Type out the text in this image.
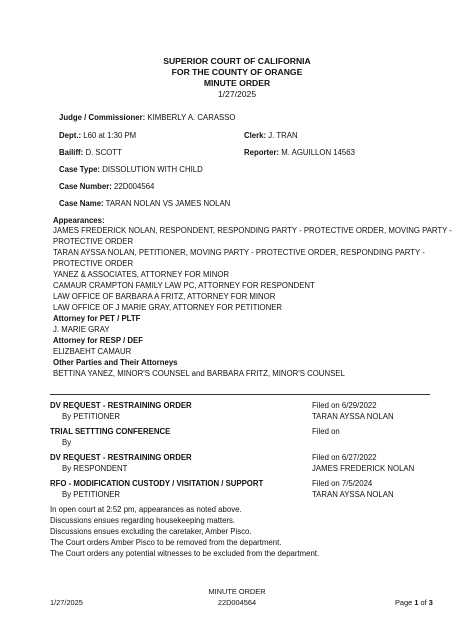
SUPERIOR COURT OF CALIFORNIA
FOR THE COUNTY OF ORANGE
MINUTE ORDER
1/27/2025
Judge / Commissioner: KIMBERLY A. CARASSO
Dept.: L60 at 1:30 PM	Clerk: J. TRAN
Bailiff: D. SCOTT	Reporter: M. AGUILLON 14563
Case Type: DISSOLUTION WITH CHILD
Case Number: 22D004564
Case Name: TARAN NOLAN VS JAMES NOLAN
Appearances:
JAMES FREDERICK NOLAN, RESPONDENT, RESPONDING PARTY - PROTECTIVE ORDER, MOVING PARTY -
PROTECTIVE ORDER
TARAN AYSSA NOLAN, PETITIONER, MOVING PARTY - PROTECTIVE ORDER, RESPONDING PARTY -
PROTECTIVE ORDER
YANEZ & ASSOCIATES, ATTORNEY FOR MINOR
CAMAUR CRAMPTON FAMILY LAW PC, ATTORNEY FOR RESPONDENT
LAW OFFICE OF BARBARA A FRITZ, ATTORNEY FOR MINOR
LAW OFFICE OF J MARIE GRAY, ATTORNEY FOR PETITIONER
Attorney for PET / PLTF
J. MARIE GRAY
Attorney for RESP / DEF
ELIZBAEHT CAMAUR
Other Parties and Their Attorneys
BETTINA YANEZ, MINOR'S COUNSEL and BARBARA FRITZ, MINOR'S COUNSEL
DV REQUEST - RESTRAINING ORDER	Filed on 6/29/2022
By PETITIONER	TARAN AYSSA NOLAN
TRIAL SETTTING CONFERENCE	Filed on
By
DV REQUEST - RESTRAINING ORDER	Filed on 6/27/2022
By RESPONDENT	JAMES FREDERICK NOLAN
RFO - MODIFICATION CUSTODY / VISITATION / SUPPORT	Filed on 7/5/2024
By PETITIONER	TARAN AYSSA NOLAN
In open court at 2:52 pm, appearances as noted above.
Discussions ensues regarding housekeeping matters.
Discussions ensues excluding the caretaker, Amber Pisco.
The Court orders Amber Pisco to be removed from the department.
The Court orders any potential witnesses to be excluded from the department.
MINUTE ORDER
1/27/2025	22D004564	Page 1 of 3
